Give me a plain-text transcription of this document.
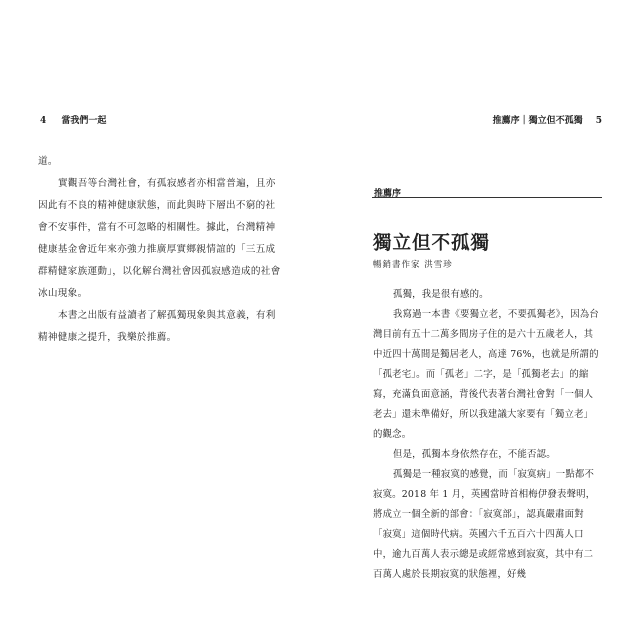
4 當我們一起

道。

實觀吾等台灣社會，有孤寂感者亦相當普遍，且亦因此有不良的精神健康狀態，而此與時下層出不窮的社會不安事件，當有不可忽略的相關性。據此，台灣精神健康基金會近年來亦強力推廣厚實鄉親情誼的「三五成群精健家族運動」，以化解台灣社會因孤寂感造成的社會冰山現象。

本書之出版有益讀者了解孤獨現象與其意義，有利精神健康之提升，我樂於推薦。

推薦序｜獨立但不孤獨 5
推薦序
獨立但不孤獨
暢銷書作家 洪雪珍

孤獨，我是很有感的。

我寫過一本書《要獨立老，不要孤獨老》，因為台灣目前有五十二萬多間房子住的是六十五歲老人，其中近四十萬間是獨居老人，高達 76%，也就是所謂的「孤老宅」。而「孤老」二字，是「孤獨老去」的縮寫，充滿負面意涵，背後代表著台灣社會對「一個人老去」還未準備好，所以我建議大家要有「獨立老」的觀念。

但是，孤獨本身依然存在，不能否認。

孤獨是一種寂寞的感覺，而「寂寞病」一點都不寂寞。2018 年 1 月，英國當時首相梅伊發表聲明，將成立一個全新的部會：「寂寞部」，認真嚴肅面對「寂寞」這個時代病。英國六千五百六十四萬人口中，逾九百萬人表示總是或經常感到寂寞，其中有二百萬人處於長期寂寞的狀態裡，好幾
